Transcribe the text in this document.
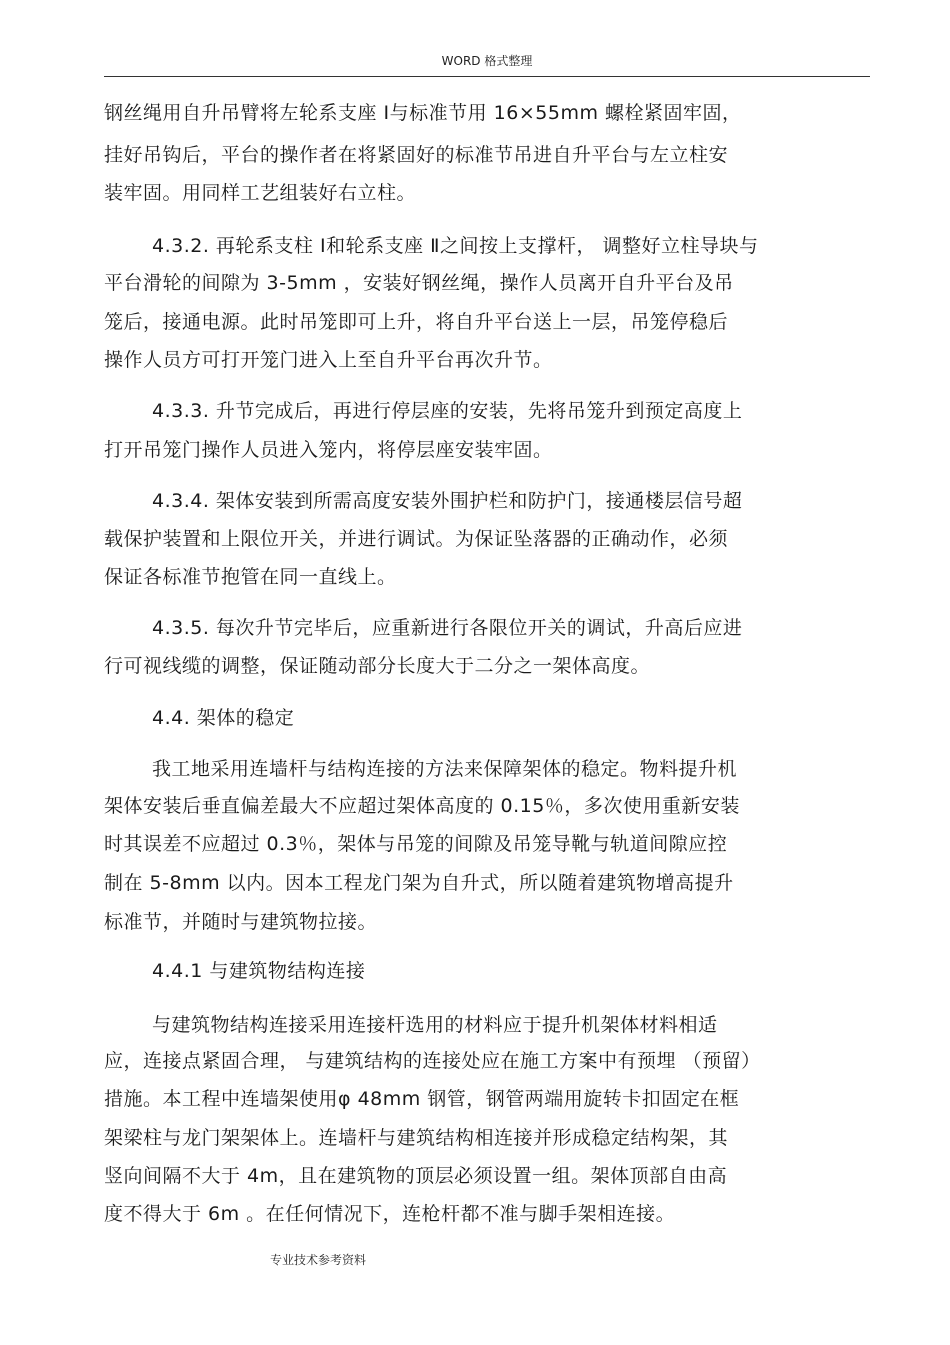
WORD 格式整理
钢丝绳用自升吊臂将左轮系支座 Ⅰ与标准节用 16×55mm 螺栓紧固牢固，
挂好吊钩后，平台的操作者在将紧固好的标准节吊进自升平台与左立柱安
装牢固。用同样工艺组装好右立柱。
4.3.2. 再轮系支柱 Ⅰ和轮系支座 Ⅱ之间按上支撑杆， 调整好立柱导块与
平台滑轮的间隙为 3-5mm ，安装好钢丝绳，操作人员离开自升平台及吊
笼后，接通电源。此时吊笼即可上升，将自升平台送上一层，吊笼停稳后
操作人员方可打开笼门进入上至自升平台再次升节。
4.3.3. 升节完成后，再进行停层座的安装，先将吊笼升到预定高度上
打开吊笼门操作人员进入笼内，将停层座安装牢固。
4.3.4. 架体安装到所需高度安装外围护栏和防护门，接通楼层信号超
载保护装置和上限位开关，并进行调试。为保证坠落器的正确动作，必须
保证各标准节抱管在同一直线上。
4.3.5. 每次升节完毕后，应重新进行各限位开关的调试，升高后应进
行可视线缆的调整，保证随动部分长度大于二分之一架体高度。
4.4. 架体的稳定
我工地采用连墙杆与结构连接的方法来保障架体的稳定。物料提升机
架体安装后垂直偏差最大不应超过架体高度的 0.15％，多次使用重新安装
时其误差不应超过 0.3％，架体与吊笼的间隙及吊笼导靴与轨道间隙应控
制在 5-8mm 以内。因本工程龙门架为自升式，所以随着建筑物增高提升
标准节，并随时与建筑物拉接。
4.4.1 与建筑物结构连接
与建筑物结构连接采用连接杆选用的材料应于提升机架体材料相适
应，连接点紧固合理， 与建筑结构的连接处应在施工方案中有预埋 （预留）
措施。本工程中连墙架使用φ 48mm 钢管，钢管两端用旋转卡扣固定在框
架梁柱与龙门架架体上。连墙杆与建筑结构相连接并形成稳定结构架，其
竖向间隔不大于 4m，且在建筑物的顶层必须设置一组。架体顶部自由高
度不得大于 6m 。在任何情况下，连枪杆都不准与脚手架相连接。
专业技术参考资料
